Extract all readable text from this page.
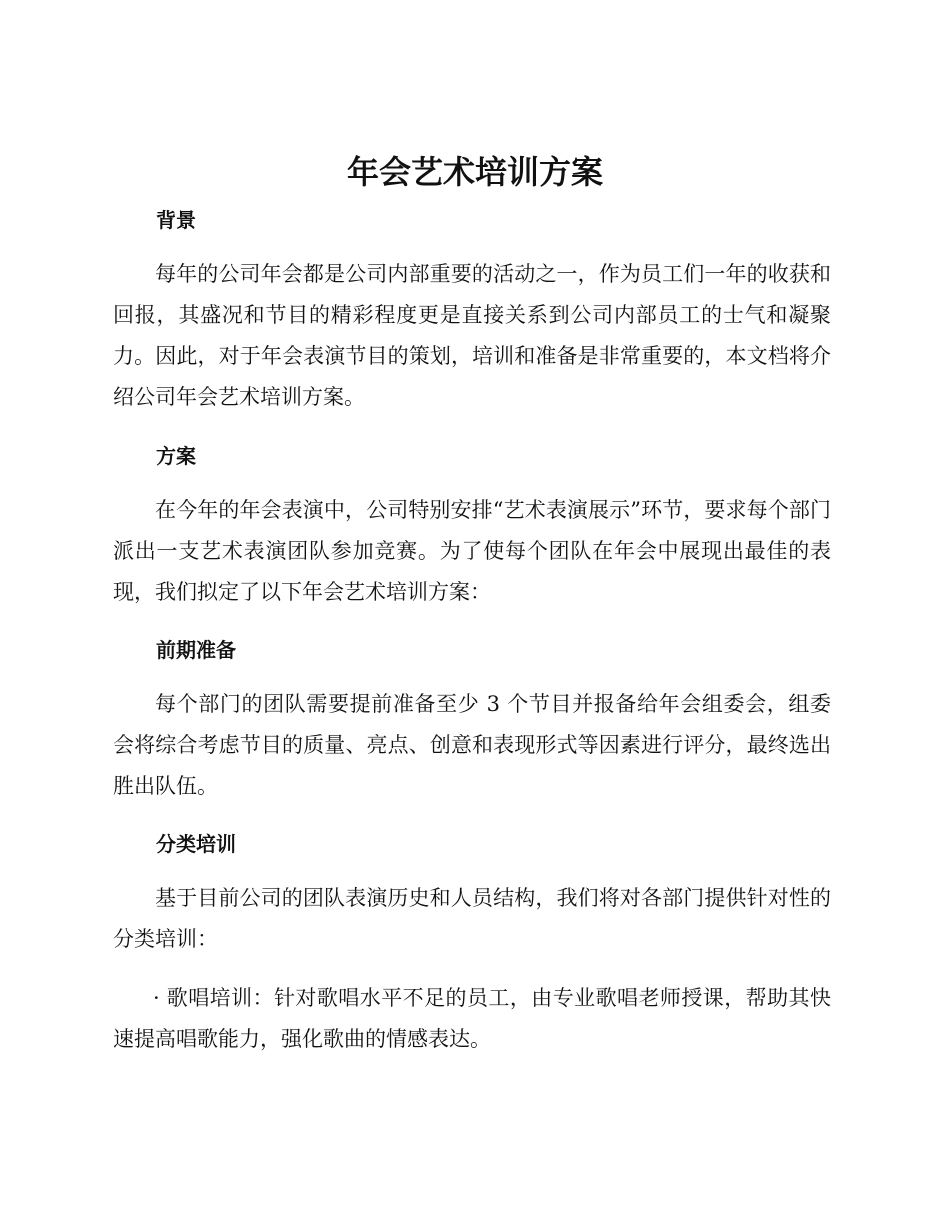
年会艺术培训方案
背景

每年的公司年会都是公司内部重要的活动之一，作为员工们一年的收获和回报，其盛况和节目的精彩程度更是直接关系到公司内部员工的士气和凝聚力。因此，对于年会表演节目的策划，培训和准备是非常重要的，本文档将介绍公司年会艺术培训方案。

方案

在今年的年会表演中，公司特别安排“艺术表演展示”环节，要求每个部门派出一支艺术表演团队参加竞赛。为了使每个团队在年会中展现出最佳的表现，我们拟定了以下年会艺术培训方案：

前期准备

每个部门的团队需要提前准备至少 3 个节目并报备给年会组委会，组委会将综合考虑节目的质量、亮点、创意和表现形式等因素进行评分，最终选出胜出队伍。

分类培训

基于目前公司的团队表演历史和人员结构，我们将对各部门提供针对性的分类培训：

· 歌唱培训：针对歌唱水平不足的员工，由专业歌唱老师授课，帮助其快速提高唱歌能力，强化歌曲的情感表达。
